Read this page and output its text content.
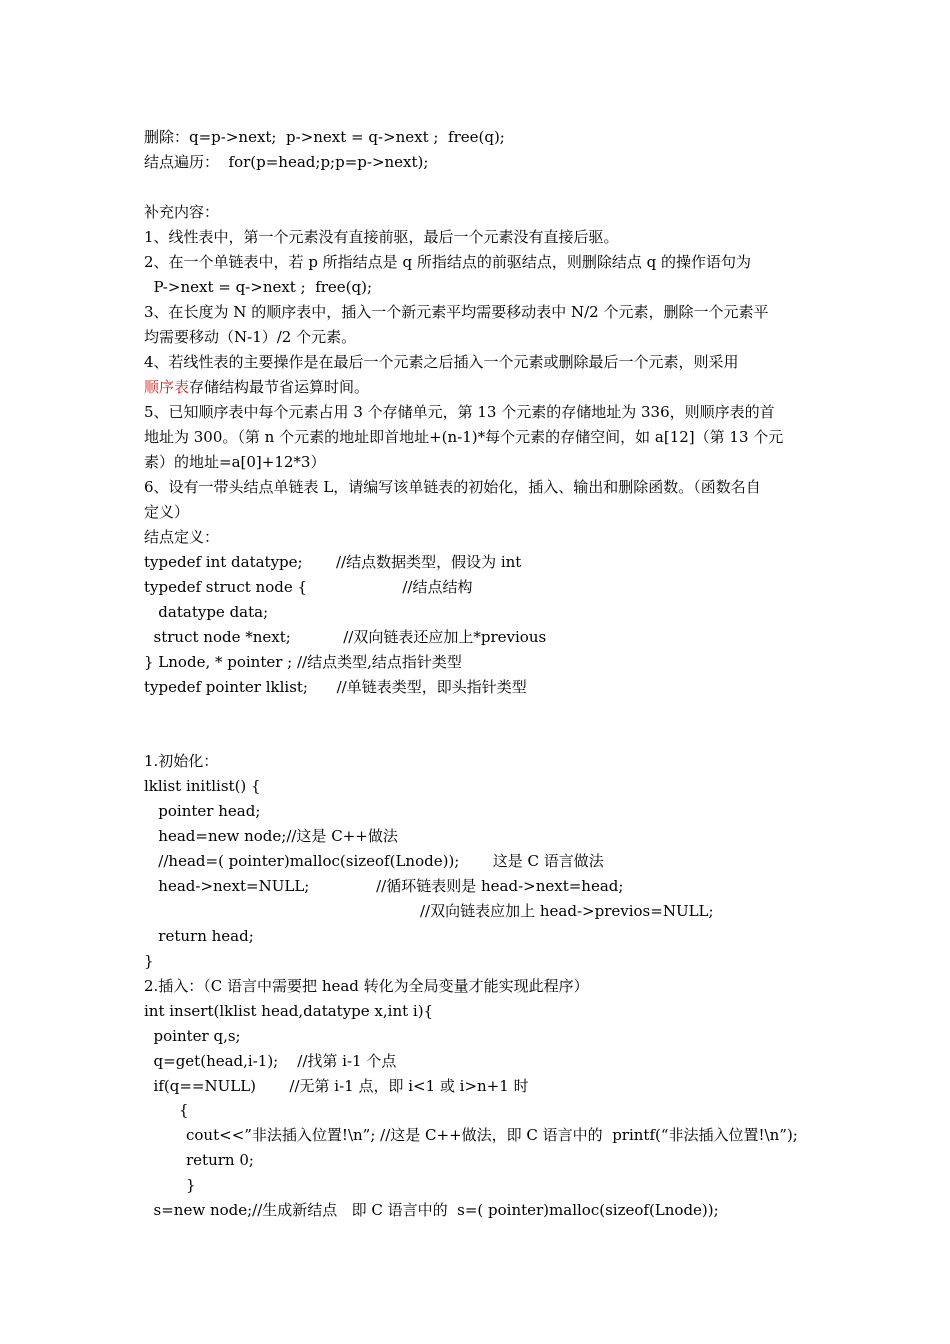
删除：q=p->next;  p->next = q->next ;  free(q);
结点遍历：  for(p=head;p;p=p->next);
补充内容：
1、线性表中，第一个元素没有直接前驱，最后一个元素没有直接后驱。
2、在一个单链表中，若 p 所指结点是 q 所指结点的前驱结点，则删除结点 q 的操作语句为
P->next = q->next ;  free(q);
3、在长度为 N 的顺序表中，插入一个新元素平均需要移动表中 N/2 个元素，删除一个元素平
均需要移动（N-1）/2 个元素。
4、若线性表的主要操作是在最后一个元素之后插入一个元素或删除最后一个元素，则采用
顺序表存储结构最节省运算时间。
5、已知顺序表中每个元素占用 3 个存储单元，第 13 个元素的存储地址为 336，则顺序表的首
地址为 300。（第 n 个元素的地址即首地址+(n-1)*每个元素的存储空间，如 a[12]（第 13 个元
素）的地址=a[0]+12*3）
6、设有一带头结点单链表 L，请编写该单链表的初始化，插入、输出和删除函数。（函数名自
定义）
结点定义：
typedef int datatype;       //结点数据类型，假设为 int
typedef struct node {                    //结点结构
datatype data;
struct node *next;           //双向链表还应加上*previous
} Lnode, * pointer ; //结点类型,结点指针类型
typedef pointer lklist;      //单链表类型，即头指针类型
1.初始化：
lklist initlist() {
pointer head;
head=new node;//这是 C++做法
//head=( pointer)malloc(sizeof(Lnode));       这是 C 语言做法
head->next=NULL;              //循环链表则是 head->next=head;
//双向链表应加上 head->previos=NULL;
return head;
}
2.插入：（C 语言中需要把 head 转化为全局变量才能实现此程序）
int insert(lklist head,datatype x,int i){
pointer q,s;
q=get(head,i-1);    //找第 i-1 个点
if(q==NULL)       //无第 i-1 点，即 i<1 或 i>n+1 时
{
cout<<”非法插入位置!\n”; //这是 C++做法，即 C 语言中的  printf(“非法插入位置!\n”);
return 0;
}
s=new node;//生成新结点   即 C 语言中的  s=( pointer)malloc(sizeof(Lnode));
